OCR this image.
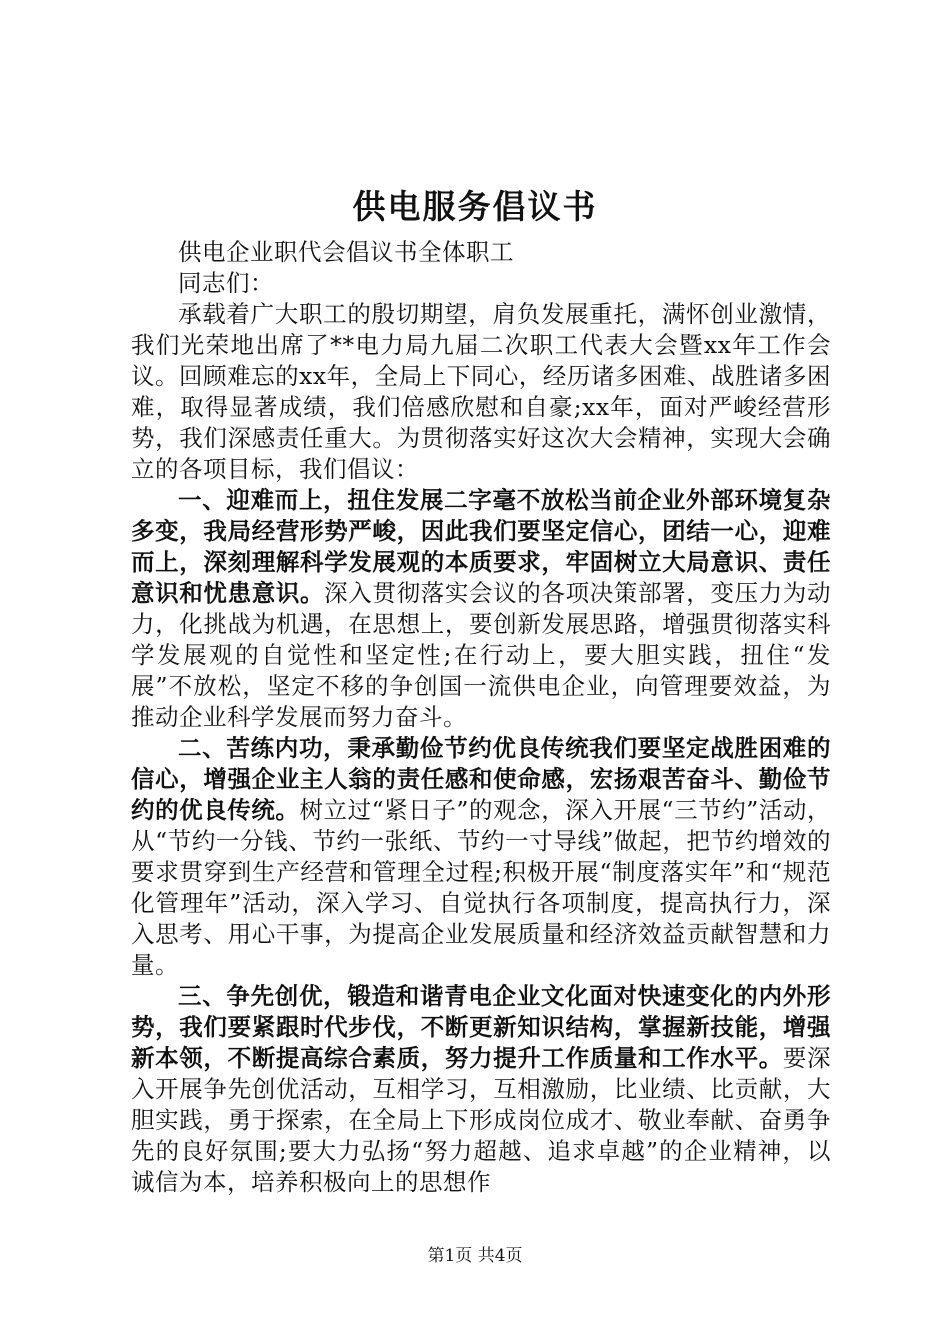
供电服务倡议书

供电企业职代会倡议书全体职工

同志们：

承载着广大职工的殷切期望，肩负发展重托，满怀创业激情，我们光荣地出席了**电力局九届二次职工代表大会暨xx年工作会议。回顾难忘的xx年，全局上下同心，经历诸多困难、战胜诸多困难，取得显著成绩，我们倍感欣慰和自豪;xx年，面对严峻经营形势，我们深感责任重大。为贯彻落实好这次大会精神，实现大会确立的各项目标，我们倡议：

一、迎难而上，扭住发展二字毫不放松当前企业外部环境复杂多变，我局经营形势严峻，因此我们要坚定信心，团结一心，迎难而上，深刻理解科学发展观的本质要求，牢固树立大局意识、责任意识和忧患意识。深入贯彻落实会议的各项决策部署，变压力为动力，化挑战为机遇，在思想上，要创新发展思路，增强贯彻落实科学发展观的自觉性和坚定性;在行动上，要大胆实践，扭住“发展”不放松，坚定不移的争创国一流供电企业，向管理要效益，为推动企业科学发展而努力奋斗。

二、苦练内功，秉承勤俭节约优良传统我们要坚定战胜困难的信心，增强企业主人翁的责任感和使命感，宏扬艰苦奋斗、勤俭节约的优良传统。树立过“紧日子”的观念，深入开展“三节约”活动，从“节约一分钱、节约一张纸、节约一寸导线”做起，把节约增效的要求贯穿到生产经营和管理全过程;积极开展“制度落实年”和“规范化管理年”活动，深入学习、自觉执行各项制度，提高执行力，深入思考、用心干事，为提高企业发展质量和经济效益贡献智慧和力量。

三、争先创优，锻造和谐青电企业文化面对快速变化的内外形势，我们要紧跟时代步伐，不断更新知识结构，掌握新技能，增强新本领，不断提高综合素质，努力提升工作质量和工作水平。要深入开展争先创优活动，互相学习，互相激励，比业绩、比贡献，大胆实践，勇于探索，在全局上下形成岗位成才、敬业奉献、奋勇争先的良好氛围;要大力弘扬“努力超越、追求卓越”的企业精神，以诚信为本，培养积极向上的思想作

第1页 共4页
